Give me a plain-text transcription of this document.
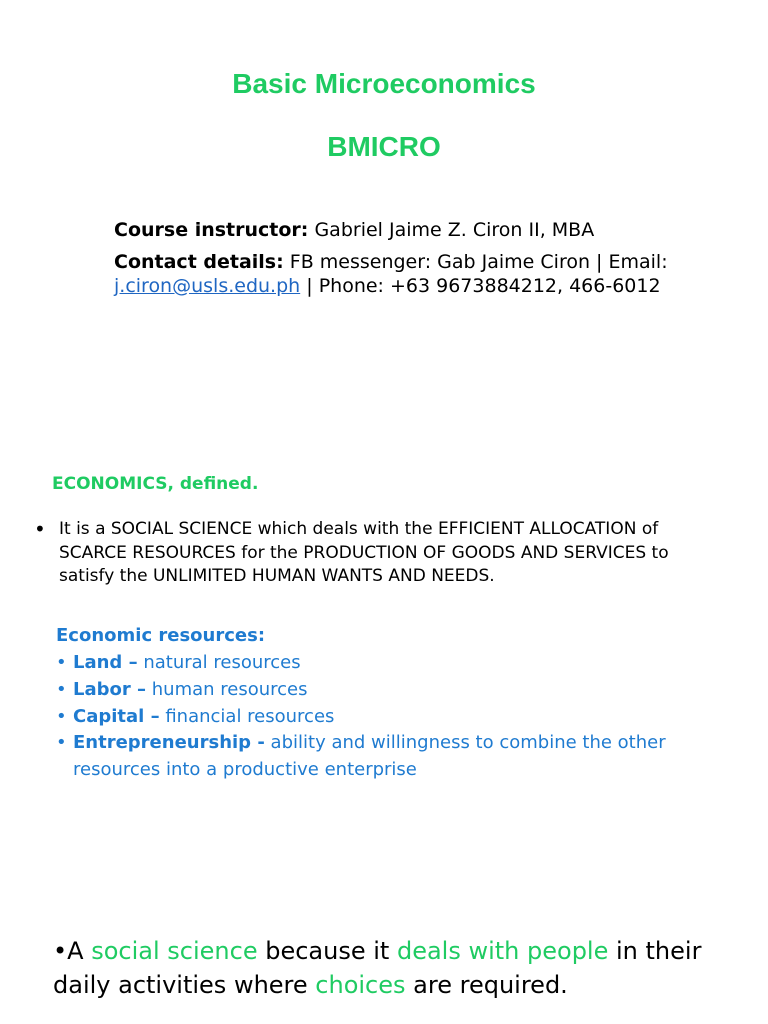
Basic Microeconomics
BMICRO
Course instructor: Gabriel Jaime Z. Ciron II, MBA
Contact details: FB messenger: Gab Jaime Ciron | Email:
j.ciron@usls.edu.ph | Phone: +63 9673884212, 466-6012
ECONOMICS, defined.
• It is a SOCIAL SCIENCE which deals with the EFFICIENT ALLOCATION of SCARCE RESOURCES for the PRODUCTION OF GOODS AND SERVICES to satisfy the UNLIMITED HUMAN WANTS AND NEEDS.
Economic resources:
• Land – natural resources
• Labor – human resources
• Capital – financial resources
• Entrepreneurship - ability and willingness to combine the other resources into a productive enterprise
•A social science because it deals with people in their daily activities where choices are required.
